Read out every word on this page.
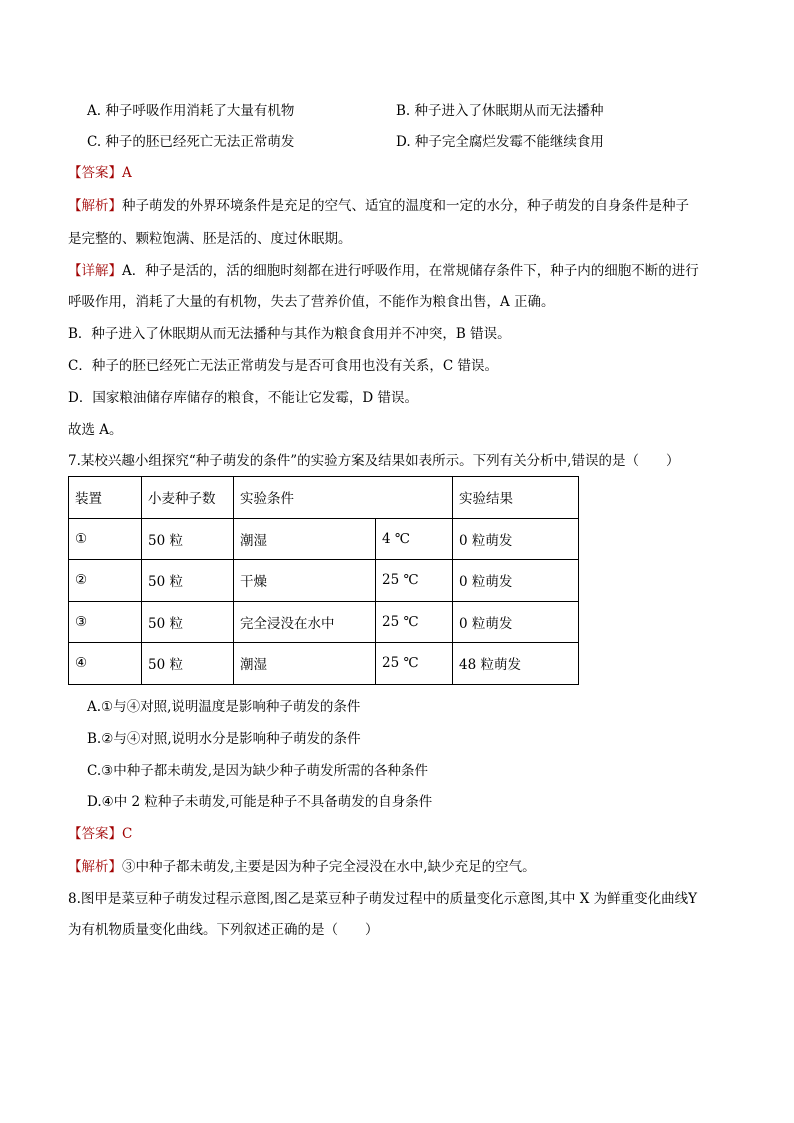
A. 种子呼吸作用消耗了大量有机物	B. 种子进入了休眠期从而无法播种
C. 种子的胚已经死亡无法正常萌发	D. 种子完全腐烂发霉不能继续食用
【答案】A
【解析】种子萌发的外界环境条件是充足的空气、适宜的温度和一定的水分，种子萌发的自身条件是种子
是完整的、颗粒饱满、胚是活的、度过休眠期。
【详解】A．种子是活的，活的细胞时刻都在进行呼吸作用，在常规储存条件下，种子内的细胞不断的进行
呼吸作用，消耗了大量的有机物，失去了营养价值，不能作为粮食出售，A 正确。
B．种子进入了休眠期从而无法播种与其作为粮食食用并不冲突，B 错误。
C．种子的胚已经死亡无法正常萌发与是否可食用也没有关系，C 错误。
D．国家粮油储存库储存的粮食，不能让它发霉，D 错误。
故选 A。
7.某校兴趣小组探究“种子萌发的条件”的实验方案及结果如表所示。下列有关分析中,错误的是（　　）
装置	小麦种子数	实验条件		实验结果
①	50 粒	潮湿	4 ℃	0 粒萌发
②	50 粒	干燥	25 ℃	0 粒萌发
③	50 粒	完全浸没在水中	25 ℃	0 粒萌发
④	50 粒	潮湿	25 ℃	48 粒萌发
A.①与④对照,说明温度是影响种子萌发的条件
B.②与④对照,说明水分是影响种子萌发的条件
C.③中种子都未萌发,是因为缺少种子萌发所需的各种条件
D.④中 2 粒种子未萌发,可能是种子不具备萌发的自身条件
【答案】C
【解析】③中种子都未萌发,主要是因为种子完全浸没在水中,缺少充足的空气。
8.图甲是菜豆种子萌发过程示意图,图乙是菜豆种子萌发过程中的质量变化示意图,其中 X 为鲜重变化曲线Y
为有机物质量变化曲线。下列叙述正确的是（　　）
